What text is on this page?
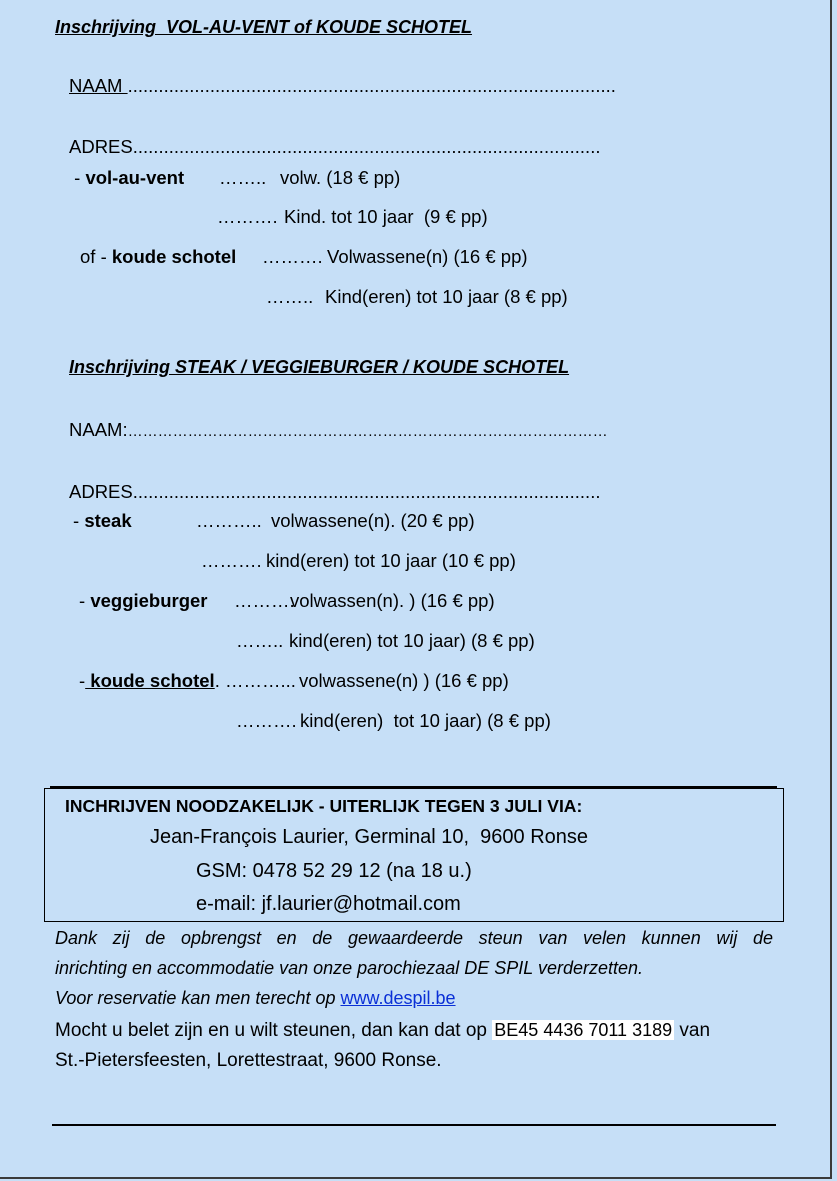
Inschrijving  VOL-AU-VENT of KOUDE SCHOTEL
NAAM ...............................................................................................
ADRES...........................................................................................
- vol-au-vent …….. volw. (18 € pp)
………. Kind. tot 10 jaar  (9 € pp)
of - koude schotel ………. Volwassene(n) (16 € pp)
…….. Kind(eren) tot 10 jaar (8 € pp)
Inschrijving STEAK / VEGGIEBURGER / KOUDE SCHOTEL
NAAM:……………………………………………………………………………………
ADRES...........................................................................................
- steak	……….. volwassene(n). (20 € pp)
………. kind(eren) tot 10 jaar (10 € pp)
- veggieburger ……….
volwassen(n). ) (16 € pp)
…….. kind(eren) tot 10 jaar) (8 € pp)
- koude schotel. ………... volwassene(n) ) (16 € pp)
………. kind(eren)  tot 10 jaar) (8 € pp)
INCHRIJVEN NOODZAKELIJK - UITERLIJK TEGEN 3 JULI VIA:
Jean-François Laurier, Germinal 10,  9600 Ronse
GSM: 0478 52 29 12 (na 18 u.)
e-mail: jf.laurier@hotmail.com
Dank zij de opbrengst en de gewaardeerde steun van velen kunnen wij de
inrichting en accommodatie van onze parochiezaal DE SPIL verderzetten.
Voor reservatie kan men terecht op www.despil.be
Mocht u belet zijn en u wilt steunen, dan kan dat op BE45 4436 7011 3189 van
St.-Pietersfeesten, Lorettestraat, 9600 Ronse.
